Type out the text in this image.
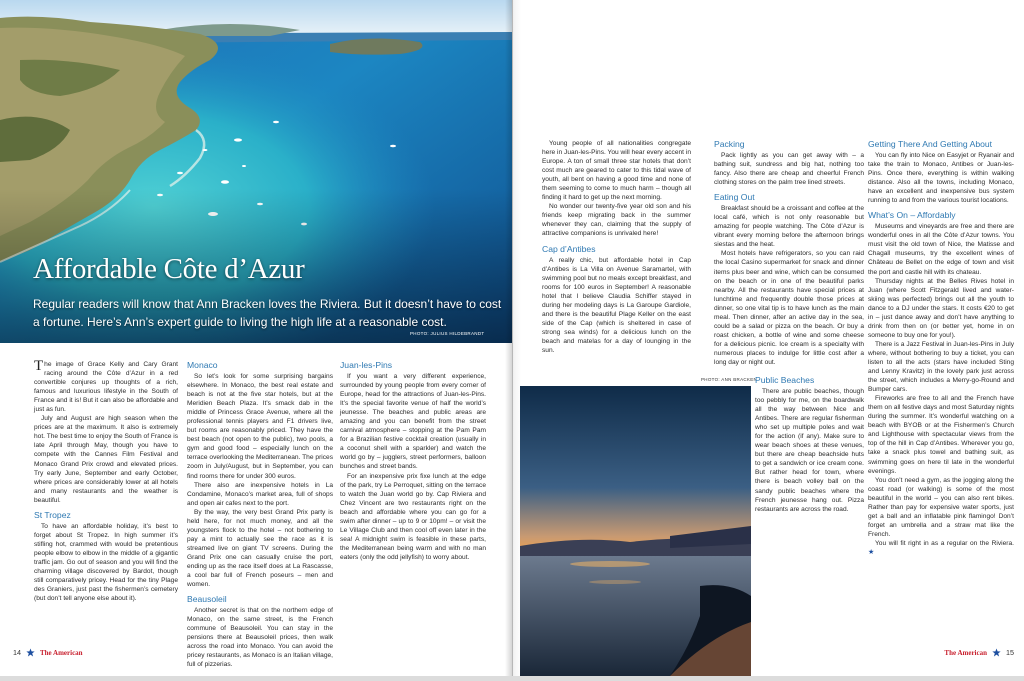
Affordable Côte d’Azur
Regular readers will know that Ann Bracken loves the Riviera. But it doesn’t have to cost a fortune. Here’s Ann’s expert guide to living the high life at a reasonable cost.
PHOTO: JULIUS HILDEBRANDT

The image of Grace Kelly and Cary Grant racing around the Côte d’Azur in a red convertible conjures up thoughts of a rich, famous and luxurious lifestyle in the South of France and it is! But it can also be affordable and just as fun.

July and August are high season when the prices are at the maximum. It also is extremely hot. The best time to enjoy the South of France is late April through May, though you have to compete with the Cannes Film Festival and Monaco Grand Prix crowd and elevated prices. Try early June, September and early October, where prices are considerably lower at all hotels and many restaurants and the weather is beautiful.

St Tropez

To have an affordable holiday, it’s best to forget about St Tropez. In high summer it’s stifling hot, crammed with would be pretentious people elbow to elbow in the middle of a gigantic traffic jam. Go out of season and you will find the charming village discovered by Bardot, though still comparatively pricey. Head for the tiny Plage des Graniers, just past the fishermen’s cemetery (but don’t tell anyone else about it).

Monaco

So let’s look for some surprising bargains elsewhere. In Monaco, the best real estate and beach is not at the five star hotels, but at the Meridien Beach Plaza. It’s smack dab in the middle of Princess Grace Avenue, where all the professional tennis players and F1 drivers live, but rooms are reasonably priced. They have the best beach (not open to the public), two pools, a gym and good food – especially lunch on the terrace overlooking the Mediterranean. The prices zoom in July/August, but in September, you can find rooms there for under 300 euros.

There also are inexpensive hotels in La Condamine, Monaco’s market area, full of shops and open air cafes next to the port.

By the way, the very best Grand Prix party is held here, for not much money, and all the youngsters flock to the hotel – not bothering to pay a mint to actually see the race as it is streamed live on giant TV screens. During the Grand Prix one can casually cruise the port, ending up as the race itself does at La Rascasse, a cool bar full of French poseurs – men and women.

Beausoleil

Another secret is that on the northern edge of Monaco, on the same street, is the French commune of Beausoleil. You can stay in the pensions there at Beausoleil prices, then walk across the road into Monaco. You can avoid the pricey restaurants, as Monaco is an Italian village, full of pizzerias.

Juan-les-Pins

If you want a very different experience, surrounded by young people from every corner of Europe, head for the attractions of Juan-les-Pins. It’s the special favorite venue of half the world’s jeunesse. The beaches and public areas are amazing and you can benefit from the street carnival atmosphere – stopping at the Pam Pam for a Brazilian festive cocktail creation (usually in a coconut shell with a sparkler) and watch the world go by – jugglers, street performers, balloon bunches and street bands.

For an inexpensive prix fixe lunch at the edge of the park, try Le Perroquet, sitting on the terrace to watch the Juan world go by. Cap Riviera and Chez Vincent are two restaurants right on the beach and affordable where you can go for a swim after dinner – up to 9 or 10pm! – or visit the Le Village Club and then cool off even later in the sea! A midnight swim is feasible in these parts, the Mediterranean being warm and with no man eaters (only the odd jellyfish) to worry about.

14	The American

Young people of all nationalities congregate here in Juan-les-Pins. You will hear every accent in Europe. A ton of small three star hotels that don’t cost much are geared to cater to this tidal wave of youth, all bent on having a good time and none of them seeming to come to much harm – though all finding it hard to get up the next morning.

No wonder our twenty-five year old son and his friends keep migrating back in the summer whenever they can, claiming that the supply of attractive companions is unrivaled here!

Cap d’Antibes

A really chic, but affordable hotel in Cap d’Antibes is La Villa on Avenue Saramartel, with swimming pool but no meals except breakfast, and rooms for 100 euros in September! A reasonable hotel that I believe Claudia Schiffer stayed in during her modeling days is La Garoupe Gardiole, and there is the beautiful Plage Keller on the east side of the Cap (which is sheltered in case of strong sea winds) for a delicious lunch on the beach and matelas for a day of lounging in the sun.

Packing

Pack lightly as you can get away with – a bathing suit, sundress and big hat, nothing too fancy. Also there are cheap and cheerful French clothing stores on the palm tree lined streets.

Eating Out

Breakfast should be a croissant and coffee at the local café, which is not only reasonable but amazing for people watching. The Côte d’Azur is vibrant every morning before the afternoon brings siestas and the heat.

Most hotels have refrigerators, so you can raid the local Casino supermarket for snack and dinner items plus beer and wine, which can be consumed on the beach or in one of the beautiful parks nearby. All the restaurants have special prices at lunchtime and frequently double those prices at dinner, so one vital tip is to have lunch as the main meal. Then dinner, after an active day in the sea, could be a salad or pizza on the beach. Or buy a roast chicken, a bottle of wine and some cheese for a delicious picnic. Ice cream is a specialty with numerous places to indulge for little cost after a long day or night out.

PHOTO: ANN BRACKEN
Public Beaches

There are public beaches, though too pebbly for me, on the boardwalk all the way between Nice and Antibes. There are regular fisherman who set up multiple poles and wait for the action (if any). Make sure to wear beach shoes at these venues, but there are cheap beachside huts to get a sandwich or ice cream cone. But rather head for town, where there is beach volley ball on the sandy public beaches where the French jeunesse hang out. Pizza restaurants are across the road.

Getting There And Getting About

You can fly into Nice on Easyjet or Ryanair and take the train to Monaco, Antibes or Juan-les-Pins. Once there, everything is within walking distance. Also all the towns, including Monaco, have an excellent and inexpensive bus system running to and from the various tourist locations.

What’s On – Affordably

Museums and vineyards are free and there are wonderful ones in all the Côte d’Azur towns. You must visit the old town of Nice, the Matisse and Chagall museums, try the excellent wines of Château de Bellet on the edge of town and visit the port and castle hill with its chateau.

Thursday nights at the Belles Rives hotel in Juan (where Scott Fitzgerald lived and water-skiing was perfected) brings out all the youth to dance to a DJ under the stars. It costs €20 to get in – just dance away and don’t have anything to drink from then on (or better yet, home in on someone to buy one for you!).

There is a Jazz Festival in Juan-les-Pins in July where, without bothering to buy a ticket, you can listen to all the acts (stars have included Sting and Lenny Kravitz) in the lovely park just across the street, which includes a Merry-go-Round and Bumper cars.

Fireworks are free to all and the French have them on all festive days and most Saturday nights during the summer. It’s wonderful watching on a beach with BYOB or at the Fishermen’s Church and Lighthouse with spectacular views from the top of the hill in Cap d’Antibes. Wherever you go, take a snack plus towel and bathing suit, as swimming goes on here til late in the wonderful evenings.

You don’t need a gym, as the jogging along the coast road (or walking) is some of the most beautiful in the world – you can also rent bikes. Rather than pay for expensive water sports, just get a ball and an inflatable pink flamingo! Don’t forget an umbrella and a straw mat like the French.

You will fit right in as a regular on the Riviera. ★

The American	15
